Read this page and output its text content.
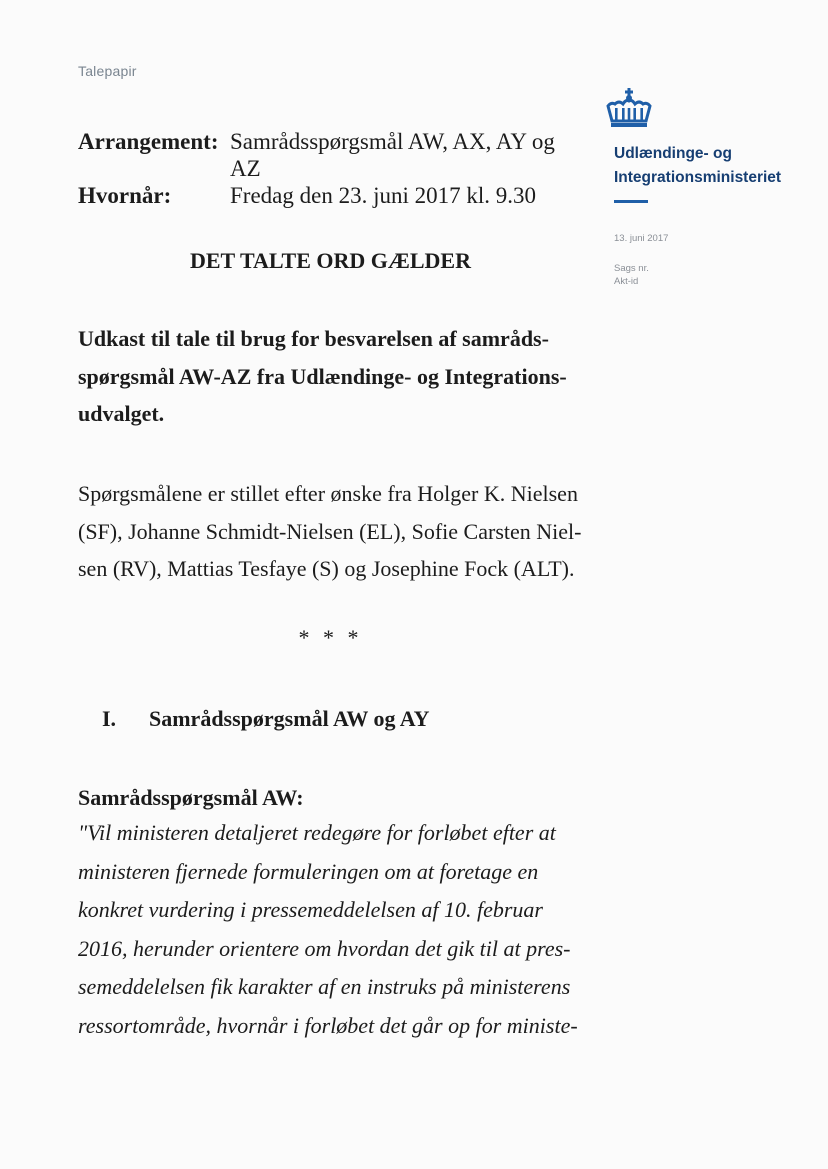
Talepapir
Arrangement: Samrådsspørgsmål AW, AX, AY og AZ
Hvornår:	Fredag den 23. juni 2017 kl. 9.30
DET TALTE ORD GÆLDER
Udkast til tale til brug for besvarelsen af samråds-
spørgsmål AW-AZ fra Udlændinge- og Integrations-
udvalget.
Spørgsmålene er stillet efter ønske fra Holger K. Nielsen
(SF), Johanne Schmidt-Nielsen (EL), Sofie Carsten Niel-
sen (RV), Mattias Tesfaye (S) og Josephine Fock (ALT).
* * *
I. Samrådsspørgsmål AW og AY
Samrådsspørgsmål AW:
"Vil ministeren detaljeret redegøre for forløbet efter at
ministeren fjernede formuleringen om at foretage en
konkret vurdering i pressemeddelelsen af 10. februar
2016, herunder orientere om hvordan det gik til at pres-
semeddelelsen fik karakter af en instruks på ministerens
ressortområde, hvornår i forløbet det går op for ministe-
Udlændinge- og
Integrationsministeriet
13. juni 2017
Sags nr.
Akt-id
